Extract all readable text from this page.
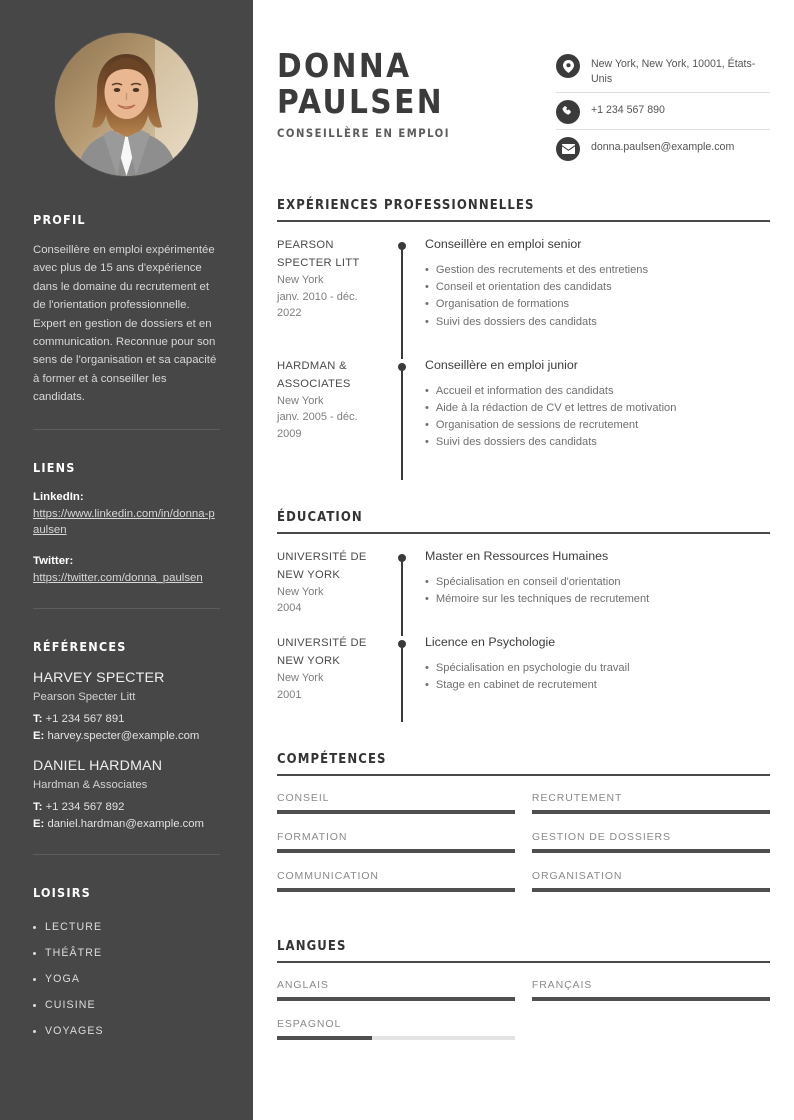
PROFIL

Conseillère en emploi expérimentée avec plus de 15 ans d'expérience dans le domaine du recrutement et de l'orientation professionnelle. Expert en gestion de dossiers et en communication. Reconnue pour son sens de l'organisation et sa capacité à former et à conseiller les candidats.

LIENS
LinkedIn:
https://www.linkedin.com/in/donna-paulsen
Twitter:
https://twitter.com/donna_paulsen
RÉFÉRENCES
HARVEY SPECTER
Pearson Specter Litt
T: +1 234 567 891
E: harvey.specter@example.com
DANIEL HARDMAN
Hardman & Associates
T: +1 234 567 892
E: daniel.hardman@example.com
LOISIRS
LECTURE
THÉÂTRE
YOGA
CUISINE
VOYAGES
DONNA
PAULSEN
CONSEILLÈRE EN EMPLOI
New York, New York, 10001, États-Unis
+1 234 567 890
donna.paulsen@example.com
EXPÉRIENCES PROFESSIONNELLES
PEARSON SPECTER LITT
New York
janv. 2010 - déc. 2022
Conseillère en emploi senior
• Gestion des recrutements et des entretiens
• Conseil et orientation des candidats
• Organisation de formations
• Suivi des dossiers des candidats
HARDMAN & ASSOCIATES
New York
janv. 2005 - déc. 2009
Conseillère en emploi junior
• Accueil et information des candidats
• Aide à la rédaction de CV et lettres de motivation
• Organisation de sessions de recrutement
• Suivi des dossiers des candidats
ÉDUCATION
UNIVERSITÉ DE NEW YORK
New York
2004
Master en Ressources Humaines
• Spécialisation en conseil d'orientation
• Mémoire sur les techniques de recrutement
UNIVERSITÉ DE NEW YORK
New York
2001
Licence en Psychologie
• Spécialisation en psychologie du travail
• Stage en cabinet de recrutement
COMPÉTENCES
CONSEIL	RECRUTEMENT
FORMATION	GESTION DE DOSSIERS
COMMUNICATION	ORGANISATION
LANGUES
ANGLAIS	FRANÇAIS
ESPAGNOL
